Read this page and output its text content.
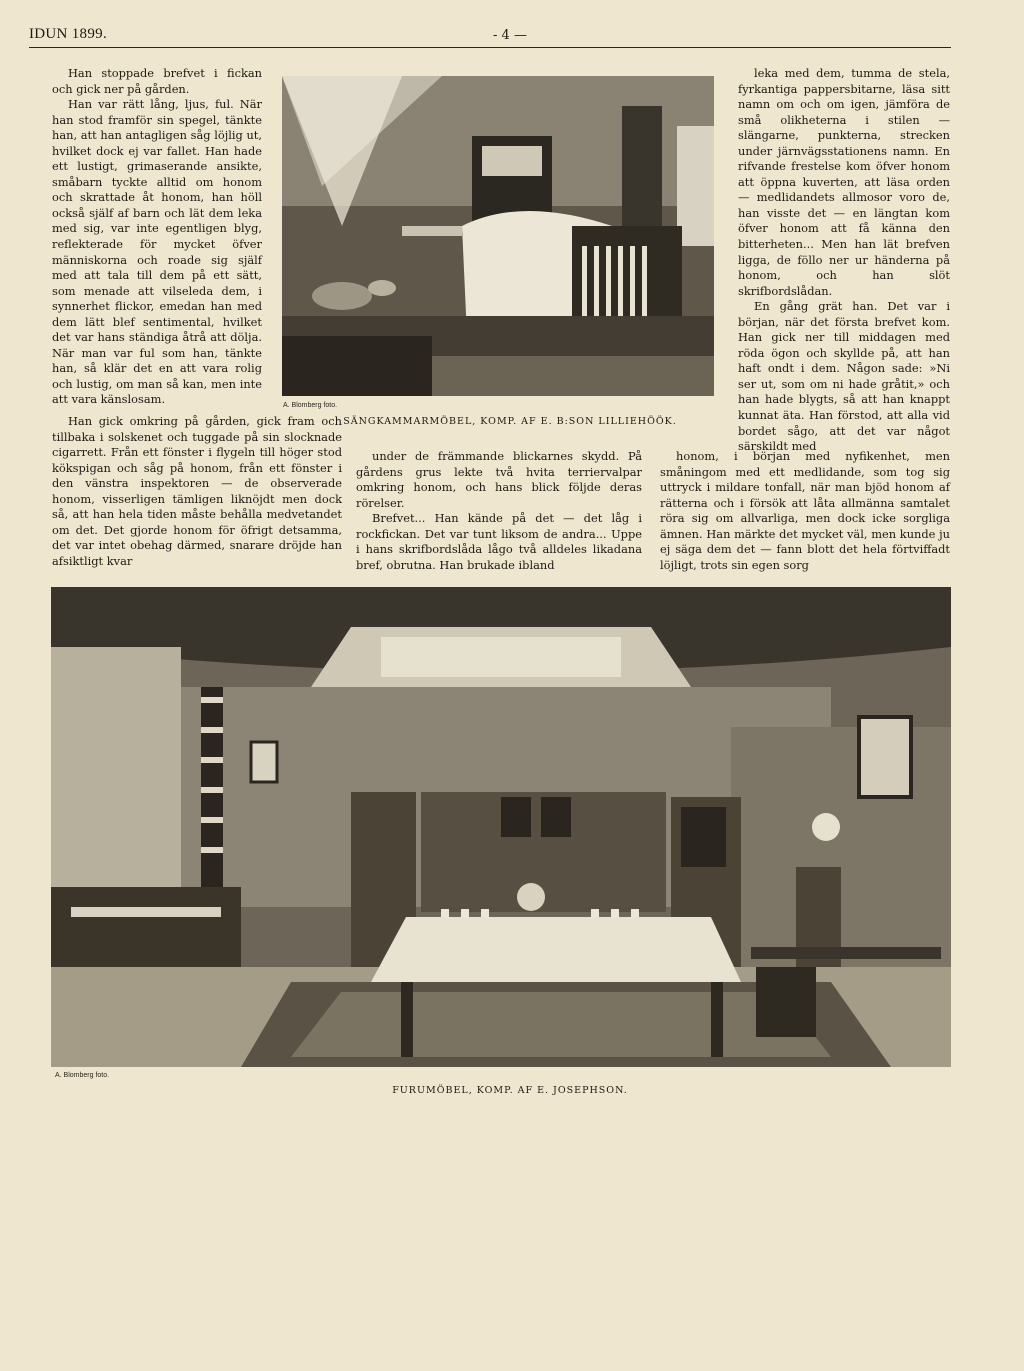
IDUN 1899.	- 4 —

Han stoppade brefvet i fickan och gick ner på gården.

Han var rätt lång, ljus, ful. När han stod framför sin spegel, tänkte han, att han antagligen såg löjlig ut, hvilket dock ej var fallet. Han hade ett lustigt, grimaserande ansikte, småbarn tyckte alltid om honom och skrattade åt honom, han höll också själf af barn och lät dem leka med sig, var inte egentligen blyg, reflekterade för mycket öfver människorna och roade sig själf med att tala till dem på ett sätt, som menade att vilseleda dem, i synnerhet flickor, emedan han med dem lätt blef sentimental, hvilket det var hans ständiga åtrå att dölja. När man var ful som han, tänkte han, så klär det en att vara rolig och lustig, om man så kan, men inte att vara känslosam.

Han gick omkring på gården, gick fram och tillbaka i solskenet och tuggade på sin slocknade cigarrett. Från ett fönster i flygeln till höger stod kökspigan och såg på honom, från ett fönster i den vänstra inspektoren — de observerade honom, visserligen tämligen liknöjdt men dock så, att han hela tiden måste behålla medvetandet om det. Det gjorde honom för öfrigt detsamma, det var intet obehag därmed, snarare dröjde han afsiktligt kvar

under de främmande blickarnes skydd. På gårdens grus lekte två hvita terriervalpar omkring honom, och hans blick följde deras rörelser.

Brefvet... Han kände på det — det låg i rockfickan. Det var tunt liksom de andra... Uppe i hans skrifbordslåda lågo två alldeles likadana bref, obrutna. Han brukade ibland

leka med dem, tumma de stela, fyrkantiga pappersbitarne, läsa sitt namn om och om igen, jämföra de små olikheterna i stilen — slängarne, punkterna, strecken under järnvägsstationens namn. En rifvande frestelse kom öfver honom att öppna kuverten, att läsa orden — medlidandets allmosor voro de, han visste det — en längtan kom öfver honom att få känna den bitterheten... Men han lät brefven ligga, de föllo ner ur händerna på honom, och han slöt skrifbordslådan.

En gång grät han. Det var i början, när det första brefvet kom. Han gick ner till middagen med röda ögon och skyllde på, att han haft ondt i dem. Någon sade: »Ni ser ut, som om ni hade gråtit,» och han hade blygts, så att han knappt kunnat äta. Han förstod, att alla vid bordet sågo, att det var något särskildt med

honom, i början med nyfikenhet, men småningom med ett medlidande, som tog sig uttryck i mildare tonfall, när man bjöd honom af rätterna och i försök att låta allmänna samtalet röra sig om allvarliga, men dock icke sorgliga ämnen. Han märkte det mycket väl, men kunde ju ej säga dem det — fann blott det hela förtviffadt löjligt, trots sin egen sorg

A. Blomberg foto.
SÄNGKAMMARMÖBEL, KOMP. AF E. B:SON LILLIEHÖÖK.
A. Blomberg foto.
FURUMÖBEL, KOMP. AF E. JOSEPHSON.
